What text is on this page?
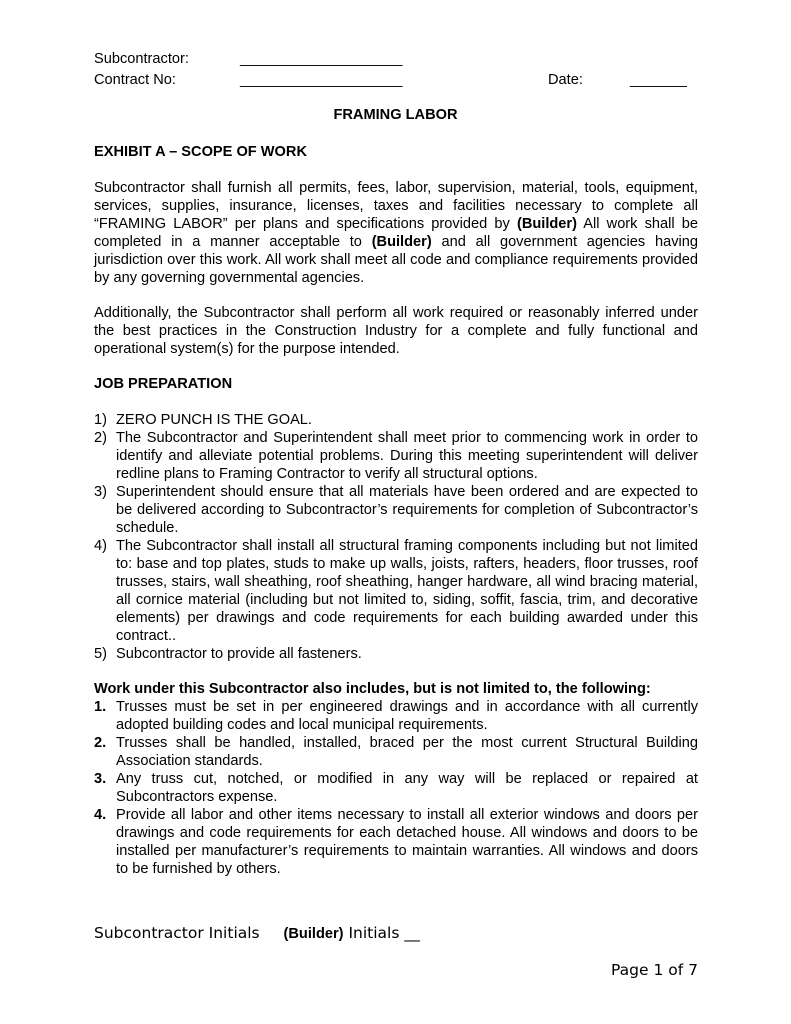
Subcontractor:	____________________
Contract No:	____________________	Date:	_______
FRAMING LABOR
EXHIBIT A – SCOPE OF WORK
Subcontractor shall furnish all permits, fees, labor, supervision, material, tools, equipment, services, supplies, insurance, licenses, taxes and facilities necessary to complete all “FRAMING LABOR” per plans and specifications provided by (Builder) All work shall be completed in a manner acceptable to (Builder) and all government agencies having jurisdiction over this work. All work shall meet all code and compliance requirements provided by any governing governmental agencies.
Additionally, the Subcontractor shall perform all work required or reasonably inferred under the best practices in the Construction Industry for a complete and fully functional and operational system(s) for the purpose intended.
JOB PREPARATION
1) ZERO PUNCH IS THE GOAL.
2) The Subcontractor and Superintendent shall meet prior to commencing work in order to identify and alleviate potential problems. During this meeting superintendent will deliver redline plans to Framing Contractor to verify all structural options.
3) Superintendent should ensure that all materials have been ordered and are expected to be delivered according to Subcontractor’s requirements for completion of Subcontractor’s schedule.
4) The Subcontractor shall install all structural framing components including but not limited to: base and top plates, studs to make up walls, joists, rafters, headers, floor trusses, roof trusses, stairs, wall sheathing, roof sheathing, hanger hardware, all wind bracing material, all cornice material (including but not limited to, siding, soffit, fascia, trim, and decorative elements) per drawings and code requirements for each building awarded under this contract..
5) Subcontractor to provide all fasteners.
Work under this Subcontractor also includes, but is not limited to, the following:
1. Trusses must be set in per engineered drawings and in accordance with all currently adopted building codes and local municipal requirements.
2. Trusses shall be handled, installed, braced per the most current Structural Building Association standards.
3. Any truss cut, notched, or modified in any way will be replaced or repaired at Subcontractors expense.
4. Provide all labor and other items necessary to install all exterior windows and doors per drawings and code requirements for each detached house. All windows and doors to be installed per manufacturer’s requirements to maintain warranties. All windows and doors to be furnished by others.
Subcontractor Initials (Builder) Initials __
Page 1 of 7
